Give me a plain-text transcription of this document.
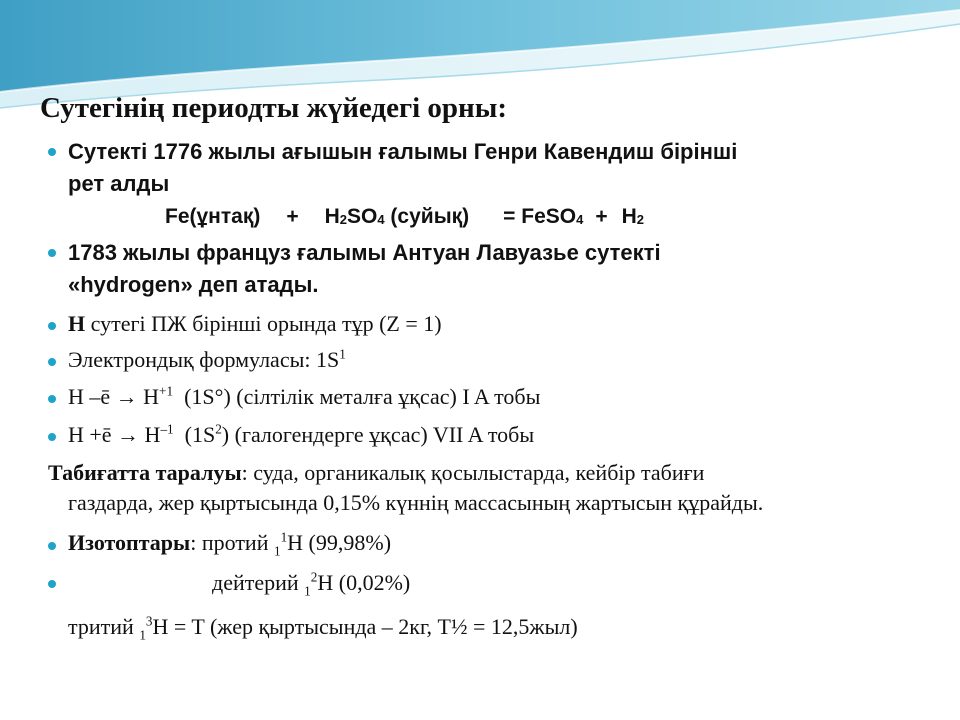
Сутегінің периодты жүйедегі орны:
Сутекті 1776 жылы ағышын ғалымы Генри Кавендиш бірінші
рет алды
Fe(ұнтақ) + H2SO4 (суйық) = FeSO4 + H2
1783 жылы француз ғалымы Антуан Лавуазье сутекті
«hydrogen» деп атады.
H сутегі ПЖ бірінші орында тұр (Z = 1)
Электрондық формуласы: $1S^1$
H –ē → $H^{+1}$  (1S°) (сілтілік металға ұқсас) I A тобы
H +ē → $H^{-1}$  $(1S^2)$ (галогендерге ұқсас) VII A тобы
Табиғатта таралуы: суда, органикалық қосылыстарда, кейбір табиғи
газдарда, жер қыртысында 0,15% күннің массасының жартысын құрайды.
Изотоптары: протий $_1^1$H (99,98%)
дейтерий $_1^2$H (0,02%)
тритий $_1^3$H = T (жер қыртысында – 2кг, T½ = 12,5жыл)
